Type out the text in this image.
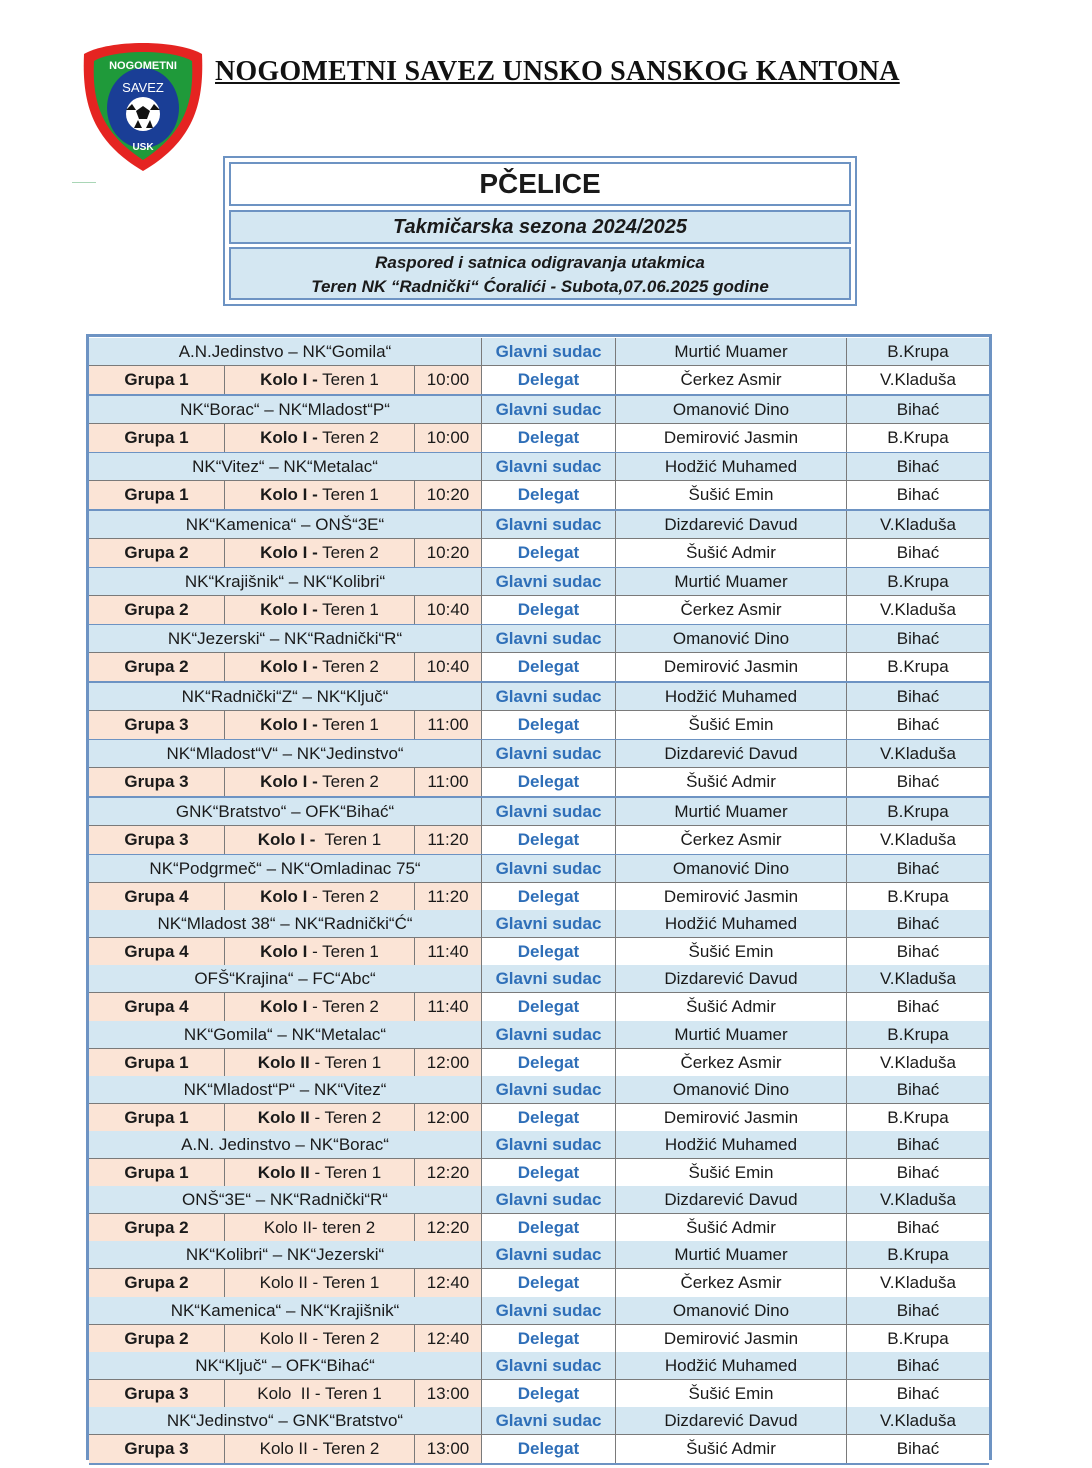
NOGOMETNI
SAVEZ
USK
NOGOMETNI SAVEZ UNSKO SANSKOG KANTONA
PČELICE
Takmičarska sezona 2024/2025
Raspored i satnica odigravanja utakmica
Teren NK “Radnički“ Ćoralići - Subota,07.06.2025 godine
A.N.Jedinstvo – NK“Gomila“	Glavni sudac	Murtić Muamer	B.Krupa
Grupa 1	Kolo I - Teren 1	10:00	Delegat	Čerkez Asmir	V.Kladuša
NK“Borac“ – NK“Mladost“P“	Glavni sudac	Omanović Dino	Bihać
Grupa 1	Kolo I - Teren 2	10:00	Delegat	Demirović Jasmin	B.Krupa
NK“Vitez“ – NK“Metalac“	Glavni sudac	Hodžić Muhamed	Bihać
Grupa 1	Kolo I - Teren 1	10:20	Delegat	Šušić Emin	Bihać
NK“Kamenica“ – ONŠ“3E“	Glavni sudac	Dizdarević Davud	V.Kladuša
Grupa 2	Kolo I - Teren 2	10:20	Delegat	Šušić Admir	Bihać
NK“Krajišnik“ – NK“Kolibri“	Glavni sudac	Murtić Muamer	B.Krupa
Grupa 2	Kolo I - Teren 1	10:40	Delegat	Čerkez Asmir	V.Kladuša
NK“Jezerski“ – NK“Radnički“R“	Glavni sudac	Omanović Dino	Bihać
Grupa 2	Kolo I - Teren 2	10:40	Delegat	Demirović Jasmin	B.Krupa
NK“Radnički“Z“ – NK“Ključ“	Glavni sudac	Hodžić Muhamed	Bihać
Grupa 3	Kolo I - Teren 1	11:00	Delegat	Šušić Emin	Bihać
NK“Mladost“V“ – NK“Jedinstvo“	Glavni sudac	Dizdarević Davud	V.Kladuša
Grupa 3	Kolo I - Teren 2	11:00	Delegat	Šušić Admir	Bihać
GNK“Bratstvo“ – OFK“Bihać“	Glavni sudac	Murtić Muamer	B.Krupa
Grupa 3	Kolo I - Teren 1	11:20	Delegat	Čerkez Asmir	V.Kladuša
NK“Podgrmeč“ – NK“Omladinac 75“	Glavni sudac	Omanović Dino	Bihać
Grupa 4	Kolo I - Teren 2	11:20	Delegat	Demirović Jasmin	B.Krupa
NK“Mladost 38“ – NK“Radnički“Ć“	Glavni sudac	Hodžić Muhamed	Bihać
Grupa 4	Kolo I - Teren 1	11:40	Delegat	Šušić Emin	Bihać
OFŠ“Krajina“ – FC“Abc“	Glavni sudac	Dizdarević Davud	V.Kladuša
Grupa 4	Kolo I - Teren 2	11:40	Delegat	Šušić Admir	Bihać
NK“Gomila“ – NK“Metalac“	Glavni sudac	Murtić Muamer	B.Krupa
Grupa 1	Kolo II - Teren 1	12:00	Delegat	Čerkez Asmir	V.Kladuša
NK“Mladost“P“ – NK“Vitez“	Glavni sudac	Omanović Dino	Bihać
Grupa 1	Kolo II - Teren 2	12:00	Delegat	Demirović Jasmin	B.Krupa
A.N. Jedinstvo – NK“Borac“	Glavni sudac	Hodžić Muhamed	Bihać
Grupa 1	Kolo II - Teren 1	12:20	Delegat	Šušić Emin	Bihać
ONŠ“3E“ – NK“Radnički“R“	Glavni sudac	Dizdarević Davud	V.Kladuša
Grupa 2	Kolo II- teren 2	12:20	Delegat	Šušić Admir	Bihać
NK“Kolibri“ – NK“Jezerski“	Glavni sudac	Murtić Muamer	B.Krupa
Grupa 2	Kolo II - Teren 1	12:40	Delegat	Čerkez Asmir	V.Kladuša
NK“Kamenica“ – NK“Krajišnik“	Glavni sudac	Omanović Dino	Bihać
Grupa 2	Kolo II - Teren 2	12:40	Delegat	Demirović Jasmin	B.Krupa
NK“Ključ“ – OFK“Bihać“	Glavni sudac	Hodžić Muhamed	Bihać
Grupa 3	Kolo  II - Teren 1	13:00	Delegat	Šušić Emin	Bihać
NK“Jedinstvo“ – GNK“Bratstvo“	Glavni sudac	Dizdarević Davud	V.Kladuša
Grupa 3	Kolo II - Teren 2	13:00	Delegat	Šušić Admir	Bihać
